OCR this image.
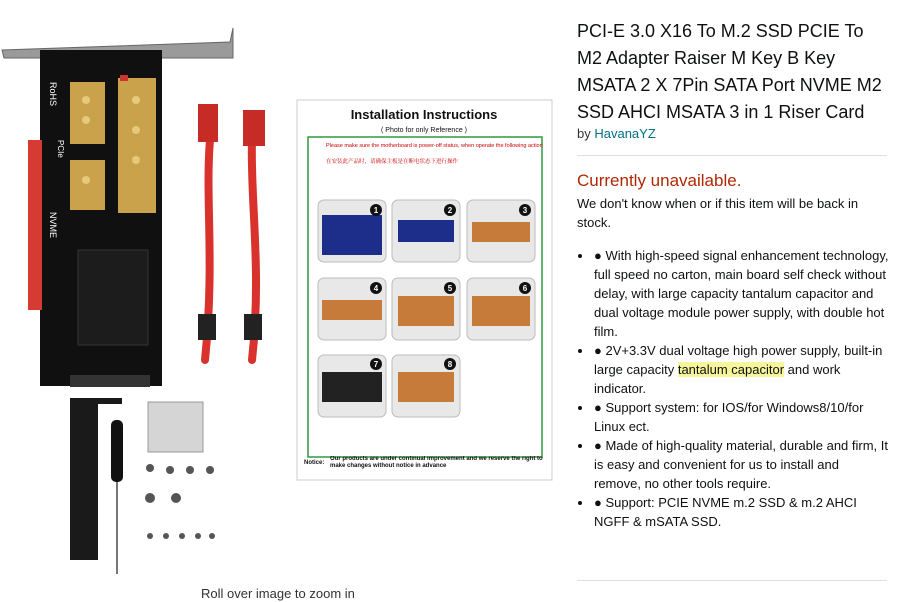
RoHS
NVME
PCIe
Installation Instructions
( Photo for only Reference )
Please make sure the motherboard is power-off status, when operate the following action
在安装此产品时，请确保主板是在断电状态下进行操作
1	2	3
4	5	6
7	8
Notice:
Our products are under continual improvement and we reserve the right to make changes without notice in advance
Roll over image to zoom in
PCI-E 3.0 X16 To M.2 SSD PCIE To M2 Adapter Raiser M Key B Key MSATA 2 X 7Pin SATA Port NVME M2 SSD AHCI MSATA 3 in 1 Riser Card
by HavanaYZ
Currently unavailable.
We don't know when or if this item will be back in stock.
• ● With high-speed signal enhancement technology, full speed no carton, main board self check without delay, with large capacity tantalum capacitor and dual voltage module power supply, with double hot film.
• ● 2V+3.3V dual voltage high power supply, built-in large capacity tantalum capacitor and work indicator.
• ● Support system: for IOS/for Windows8/10/for Linux ect.
• ● Made of high-quality material, durable and firm, It is easy and convenient for us to install and remove, no other tools require.
• ● Support: PCIE NVME m.2 SSD & m.2 AHCI NGFF & mSATA SSD.
